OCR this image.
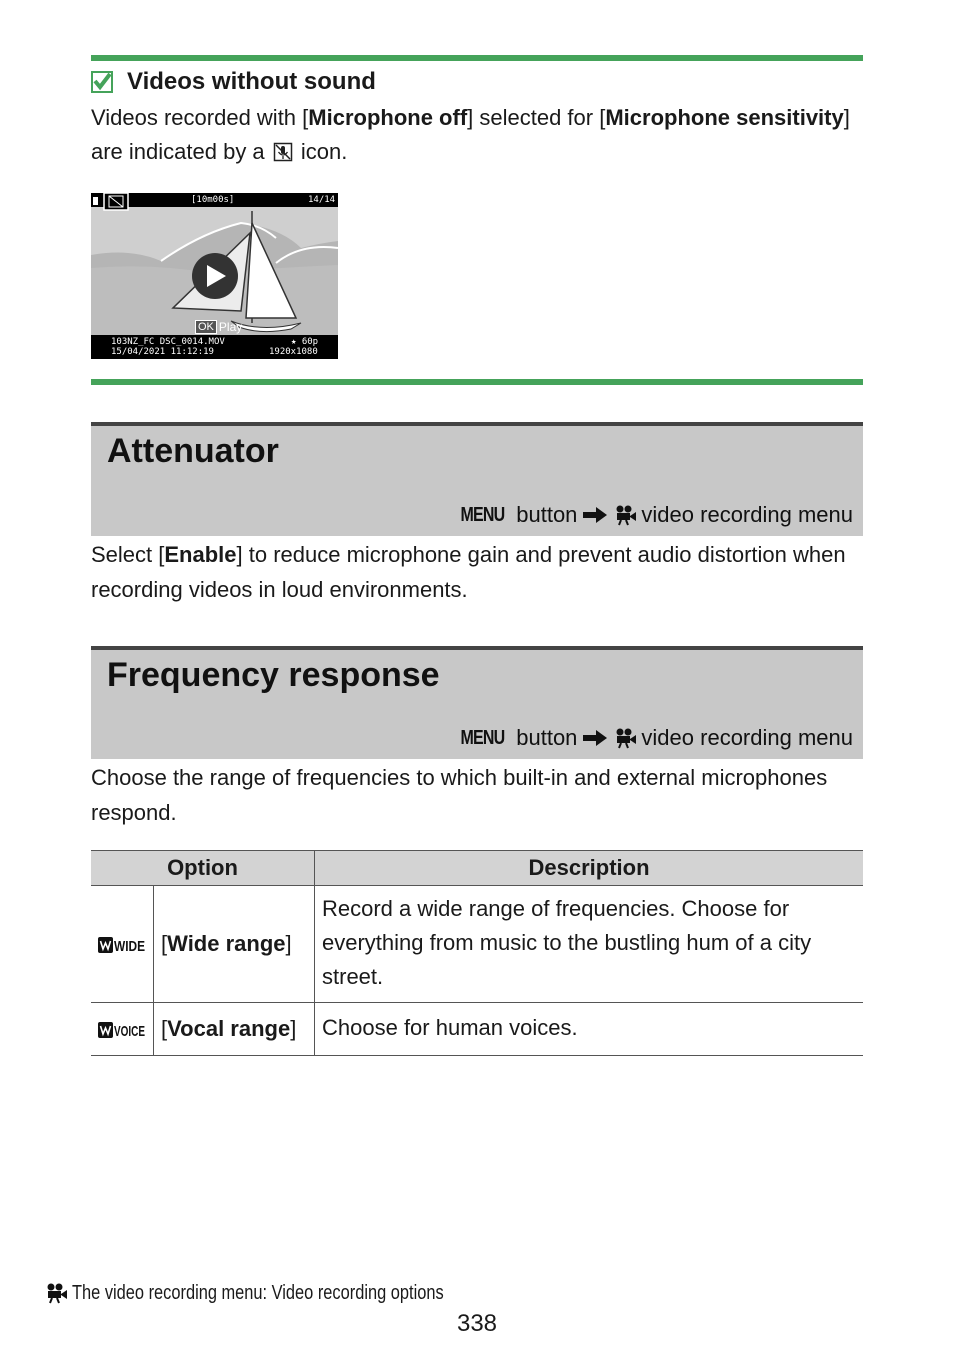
Videos without sound
Videos recorded with [Microphone off] selected for [Microphone sensitivity] are indicated by a icon.
[10m00s]	14/14
OK Play
103NZ_FC DSC_0014.MOV	★ 60p
15/04/2021 11:12:19	1920x1080
Attenuator
MENU button	video recording menu
Select [Enable] to reduce microphone gain and prevent audio distortion when recording videos in loud environments.
Frequency response
MENU button	video recording menu
Choose the range of frequencies to which built-in and external microphones respond.
Option		Description

WIDE	[Wide range]	Record a wide range of frequencies. Choose for everything from music to the bustling hum of a city street.

VOICE	[Vocal range]	Choose for human voices.
The video recording menu: Video recording options
338
